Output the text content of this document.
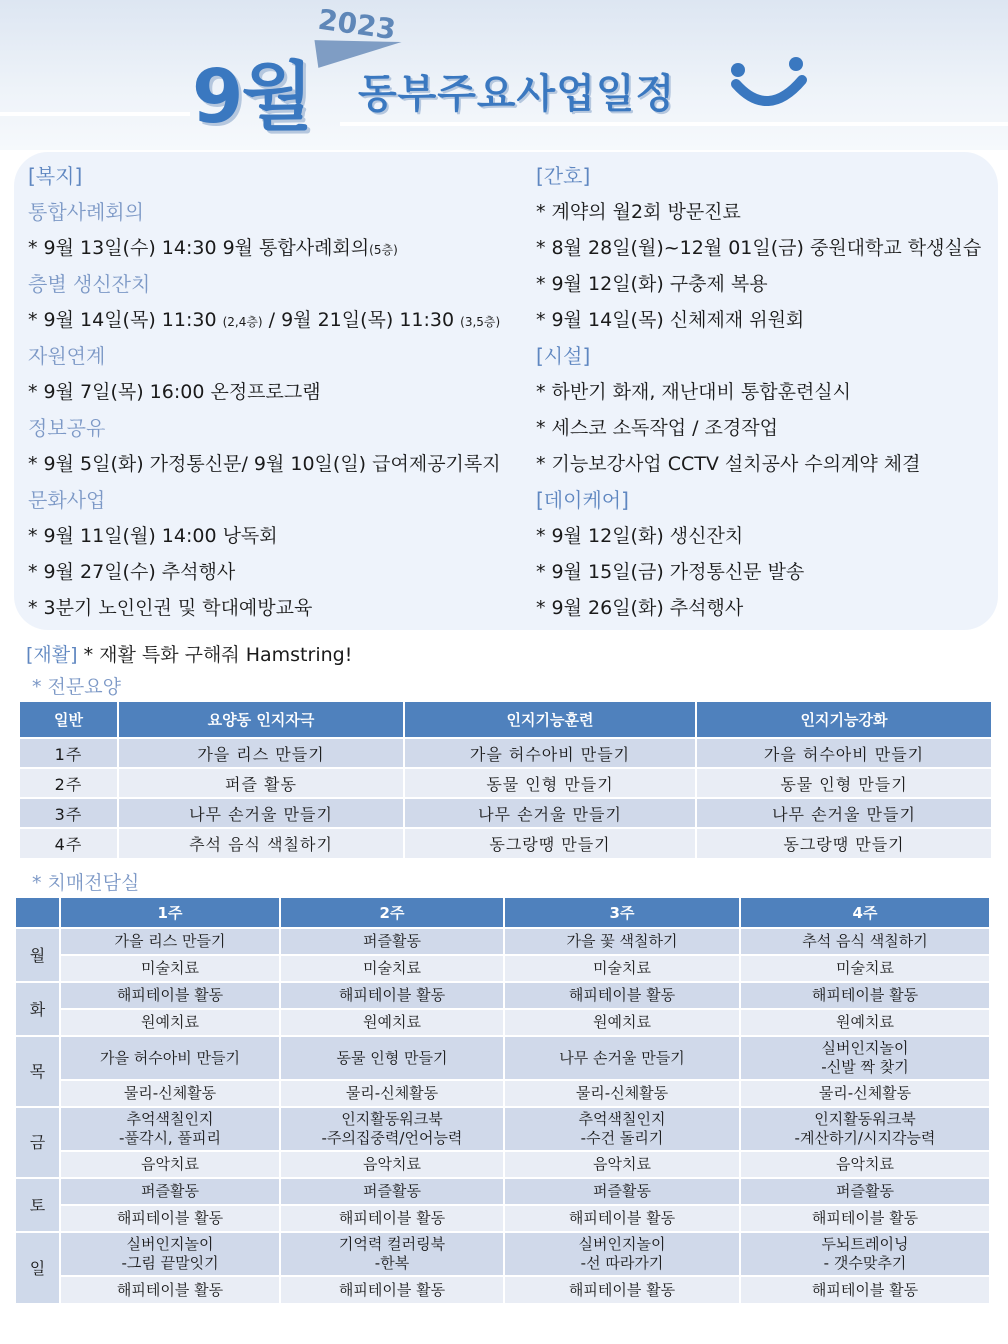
2023
9월 동부주요사업일정
[복지]
통합사례회의
* 9월 13일(수) 14:30 9월 통합사례회의(5층)
층별 생신잔치
* 9월 14일(목) 11:30 (2,4층) / 9월 21일(목) 11:30 (3,5층)
자원연계
* 9월 7일(목) 16:00 온정프로그램
정보공유
* 9월 5일(화) 가정통신문/ 9월 10일(일) 급여제공기록지
문화사업
* 9월 11일(월) 14:00 낭독회
* 9월 27일(수) 추석행사
* 3분기 노인인권 및 학대예방교육
[간호]
* 계약의 월2회 방문진료
* 8월 28일(월)~12월 01일(금) 중원대학교 학생실습
* 9월 12일(화) 구충제 복용
* 9월 14일(목) 신체제재 위원회
[시설]
* 하반기 화재, 재난대비 통합훈련실시
* 세스코 소독작업 / 조경작업
* 기능보강사업 CCTV 설치공사 수의계약 체결
[데이케어]
* 9월 12일(화) 생신잔치
* 9월 15일(금) 가정통신문 발송
* 9월 26일(화) 추석행사
[재활] * 재활 특화 구해줘 Hamstring!
* 전문요양
일반	요양동 인지자극	인지기능훈련	인지기능강화
1주	가을 리스 만들기	가을 허수아비 만들기	가을 허수아비 만들기
2주	퍼즐 활동	동물 인형 만들기	동물 인형 만들기
3주	나무 손거울 만들기	나무 손거울 만들기	나무 손거울 만들기
4주	추석 음식 색칠하기	동그랑땡 만들기	동그랑땡 만들기
* 치매전담실
	1주	2주	3주	4주
월	가을 리스 만들기	퍼즐활동	가을 꽃 색칠하기	추석 음식 색칠하기
	미술치료	미술치료	미술치료	미술치료
화	해피테이블 활동	해피테이블 활동	해피테이블 활동	해피테이블 활동
	원예치료	원예치료	원예치료	원예치료
목	가을 허수아비 만들기	동물 인형 만들기	나무 손거울 만들기	실버인지놀이
-신발 짝 찾기
	물리-신체활동	물리-신체활동	물리-신체활동	물리-신체활동
금	추억색칠인지
-풀각시, 풀피리	인지활동워크북
-주의집중력/언어능력	추억색칠인지
-수건 돌리기	인지활동워크북
-계산하기/시지각능력
	음악치료	음악치료	음악치료	음악치료
토	퍼즐활동	퍼즐활동	퍼즐활동	퍼즐활동
	해피테이블 활동	해피테이블 활동	해피테이블 활동	해피테이블 활동
일	실버인지놀이
-그림 끝말잇기	기억력 컬러링북
-한복	실버인지놀이
-선 따라가기	두뇌트레이닝
- 갯수맞추기
	해피테이블 활동	해피테이블 활동	해피테이블 활동	해피테이블 활동
